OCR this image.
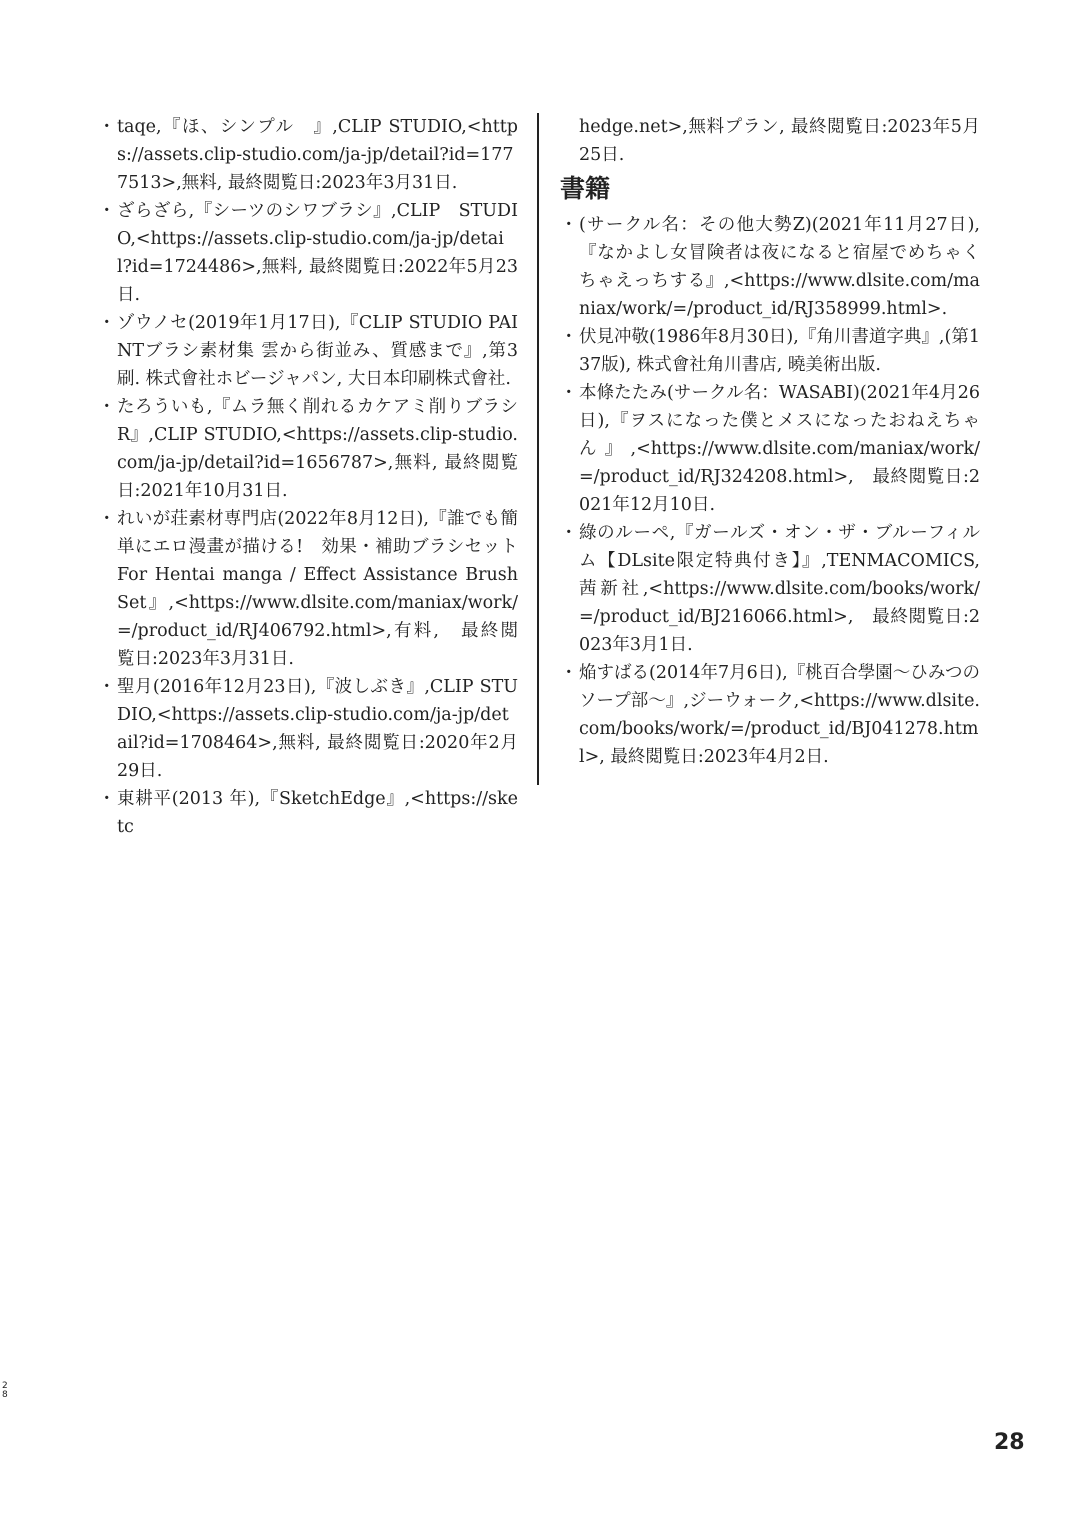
・ taqe,『ほ、シンプル　』,CLIP STUDIO,<https://assets.clip-studio.com/ja-jp/detail?id=1777513>,無料, 最終閲覧日:2023年3月31日.
・ ざらざら,『シーツのシワブラシ』,CLIP　STUDIO,<https://assets.clip-studio.com/ja-jp/detail?id=1724486>,無料, 最終閲覧日:2022年5月23日.
・ ゾウノセ(2019年1月17日),『CLIP STUDIO PAINTブラシ素材集 雲から街並み、質感まで』,第3刷. 株式會社ホビージャパン, 大日本印刷株式會社.
・ たろういも,『ムラ無く削れるカケアミ削りブラシR』,CLIP STUDIO,<https://assets.clip-studio.com/ja-jp/detail?id=1656787>,無料, 最終閲覧日:2021年10月31日.
・ れいが荘素材専門店(2022年8月12日),『誰でも簡単にエロ漫畫が描ける!　効果・補助ブラシセット For Hentai manga / Effect Assistance Brush Set』,<https://www.dlsite.com/maniax/work/=/product_id/RJ406792.html>,有料,　最終閲覧日:2023年3月31日.
・ 聖月(2016年12月23日),『波しぶき』,CLIP STUDIO,<https://assets.clip-studio.com/ja-jp/detail?id=1708464>,無料, 最終閲覧日:2020年2月29日.
・ 東耕平(2013 年),『SketchEdge』,<https://sketc
hedge.net>,無料プラン, 最終閲覧日:2023年5月25日.
書籍
・ (サークル名：その他大勢Z)(2021年11月27日),『なかよし女冒険者は夜になると宿屋でめちゃくちゃえっちする』,<https://www.dlsite.com/maniax/work/=/product_id/RJ358999.html>.
・ 伏見冲敬(1986年8月30日),『角川書道字典』,(第137版), 株式會社角川書店, 曉美術出版.
・ 本條たたみ(サークル名：WASABI)(2021年4月26日),『ヲスになった僕とメスになったおねえちゃん』,<https://www.dlsite.com/maniax/work/=/product_id/RJ324208.html>,　最終閲覧日:2021年12月10日.
・ 綠のルーペ,『ガールズ・オン・ザ・ブルーフィルム【DLsite限定特典付き】』,TENMACOMICS, 茜新社,<https://www.dlsite.com/books/work/=/product_id/BJ216066.html>,　最終閲覧日:2023年3月1日.
・ 焔すばる(2014年7月6日),『桃百合學園〜ひみつのソープ部〜』,ジーウォーク,<https://www.dlsite.com/books/work/=/product_id/BJ041278.html>, 最終閲覧日:2023年4月2日.
28
28
